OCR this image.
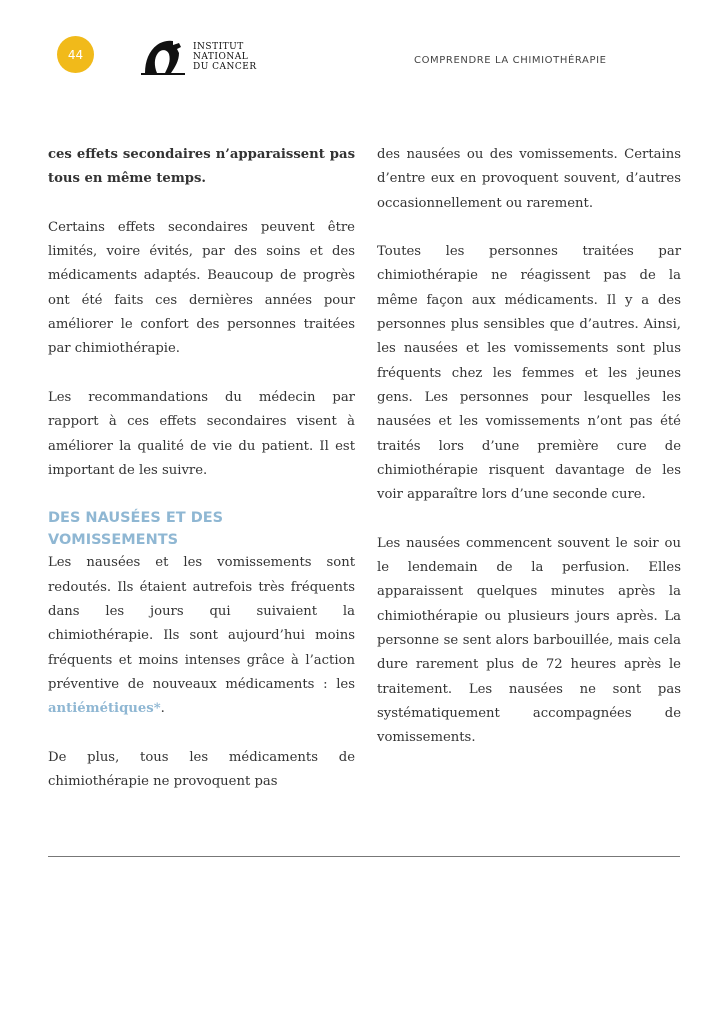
44
INSTITUT
NATIONAL
DU CANCER
COMPRENDRE LA CHIMIOTHÉRAPIE

ces effets secondaires n’apparaissent pas tous en même temps.

Certains effets secondaires peuvent être limités, voire évités, par des soins et des médicaments adaptés. Beaucoup de progrès ont été faits ces dernières années pour améliorer le confort des personnes traitées par chimiothérapie.

Les recommandations du médecin par rapport à ces effets secondaires visent à améliorer la qualité de vie du patient. Il est important de les suivre.

DES NAUSÉES ET DES VOMISSEMENTS

Les nausées et les vomissements sont redoutés. Ils étaient autrefois très fréquents dans les jours qui suivaient la chimiothérapie. Ils sont aujourd’hui moins fréquents et moins intenses grâce à l’action préventive de nouveaux médicaments : les antiémétiques*.

De plus, tous les médicaments de chimiothérapie ne provoquent pas

des nausées ou des vomissements. Certains d’entre eux en provoquent souvent, d’autres occasionnellement ou rarement.

Toutes les personnes traitées par chimiothérapie ne réagissent pas de la même façon aux médicaments. Il y a des personnes plus sensibles que d’autres. Ainsi, les nausées et les vomissements sont plus fréquents chez les femmes et les jeunes gens. Les personnes pour lesquelles les nausées et les vomissements n’ont pas été traités lors d’une première cure de chimiothérapie risquent davantage de les voir apparaître lors d’une seconde cure.

Les nausées commencent souvent le soir ou le lendemain de la perfusion. Elles apparaissent quelques minutes après la chimiothérapie ou plusieurs jours après. La personne se sent alors barbouillée, mais cela dure rarement plus de 72 heures après le traitement. Les nausées ne sont pas systématiquement accompagnées de vomissements.
